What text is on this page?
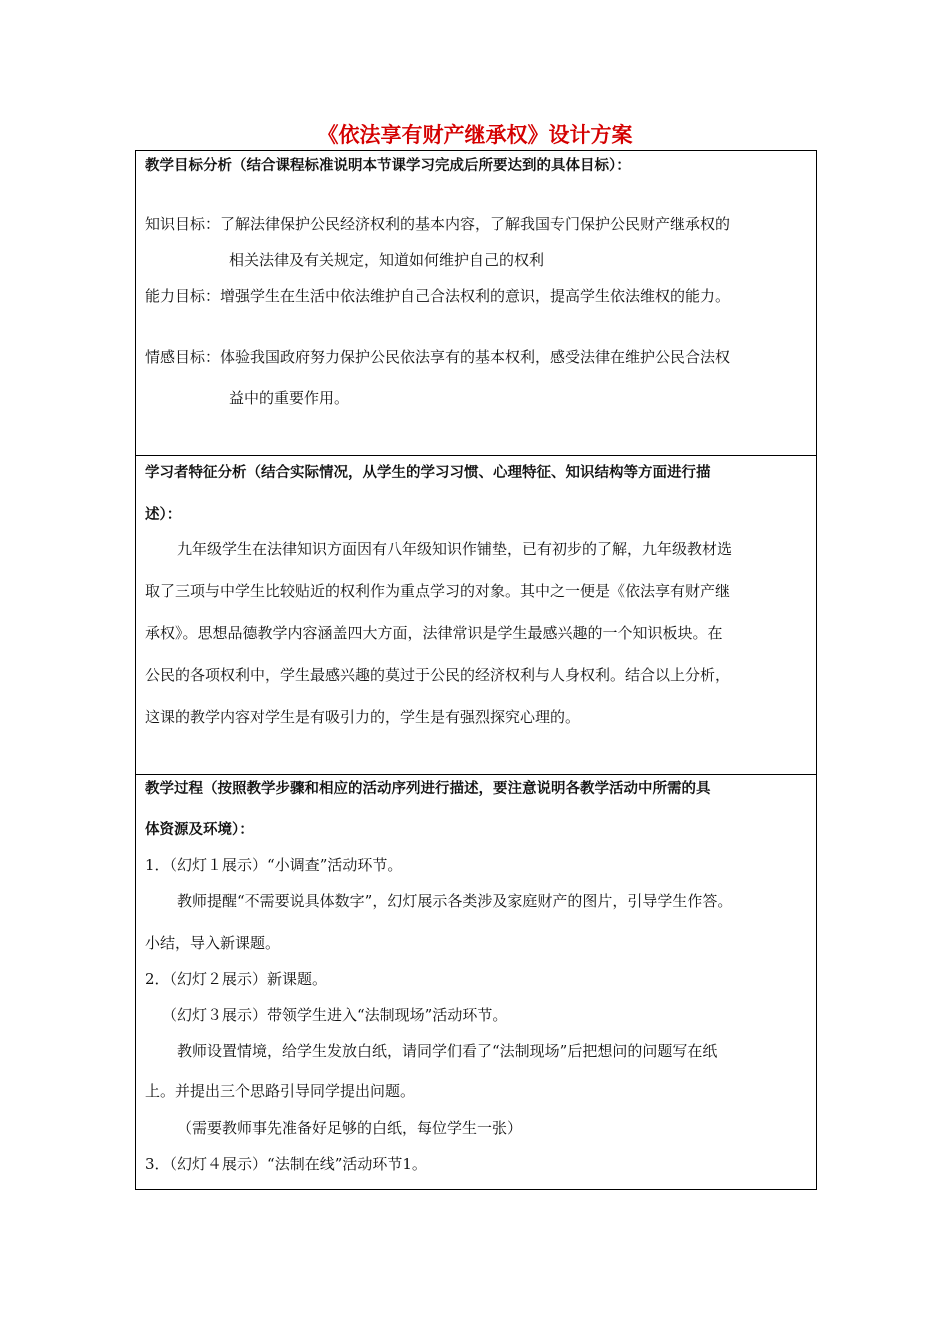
《依法享有财产继承权》设计方案
教学目标分析（结合课程标准说明本节课学习完成后所要达到的具体目标）：
知识目标：了解法律保护公民经济权利的基本内容，了解我国专门保护公民财产继承权的
相关法律及有关规定，知道如何维护自己的权利
能力目标：增强学生在生活中依法维护自己合法权利的意识，提高学生依法维权的能力。
情感目标：体验我国政府努力保护公民依法享有的基本权利，感受法律在维护公民合法权
益中的重要作用。
学习者特征分析（结合实际情况，从学生的学习习惯、心理特征、知识结构等方面进行描
述）：
九年级学生在法律知识方面因有八年级知识作铺垫，已有初步的了解，九年级教材选
取了三项与中学生比较贴近的权利作为重点学习的对象。其中之一便是《依法享有财产继
承权》。思想品德教学内容涵盖四大方面，法律常识是学生最感兴趣的一个知识板块。在
公民的各项权利中，学生最感兴趣的莫过于公民的经济权利与人身权利。结合以上分析，
这课的教学内容对学生是有吸引力的，学生是有强烈探究心理的。
教学过程（按照教学步骤和相应的活动序列进行描述，要注意说明各教学活动中所需的具
体资源及环境）：
1．（幻灯１展示）“小调查”活动环节。
教师提醒“不需要说具体数字”，幻灯展示各类涉及家庭财产的图片，引导学生作答。
小结，导入新课题。
2．（幻灯２展示）新课题。
（幻灯３展示）带领学生进入“法制现场”活动环节。
教师设置情境，给学生发放白纸，请同学们看了“法制现场”后把想问的问题写在纸
上。并提出三个思路引导同学提出问题。
（需要教师事先准备好足够的白纸，每位学生一张）
3．（幻灯４展示）“法制在线”活动环节1。
